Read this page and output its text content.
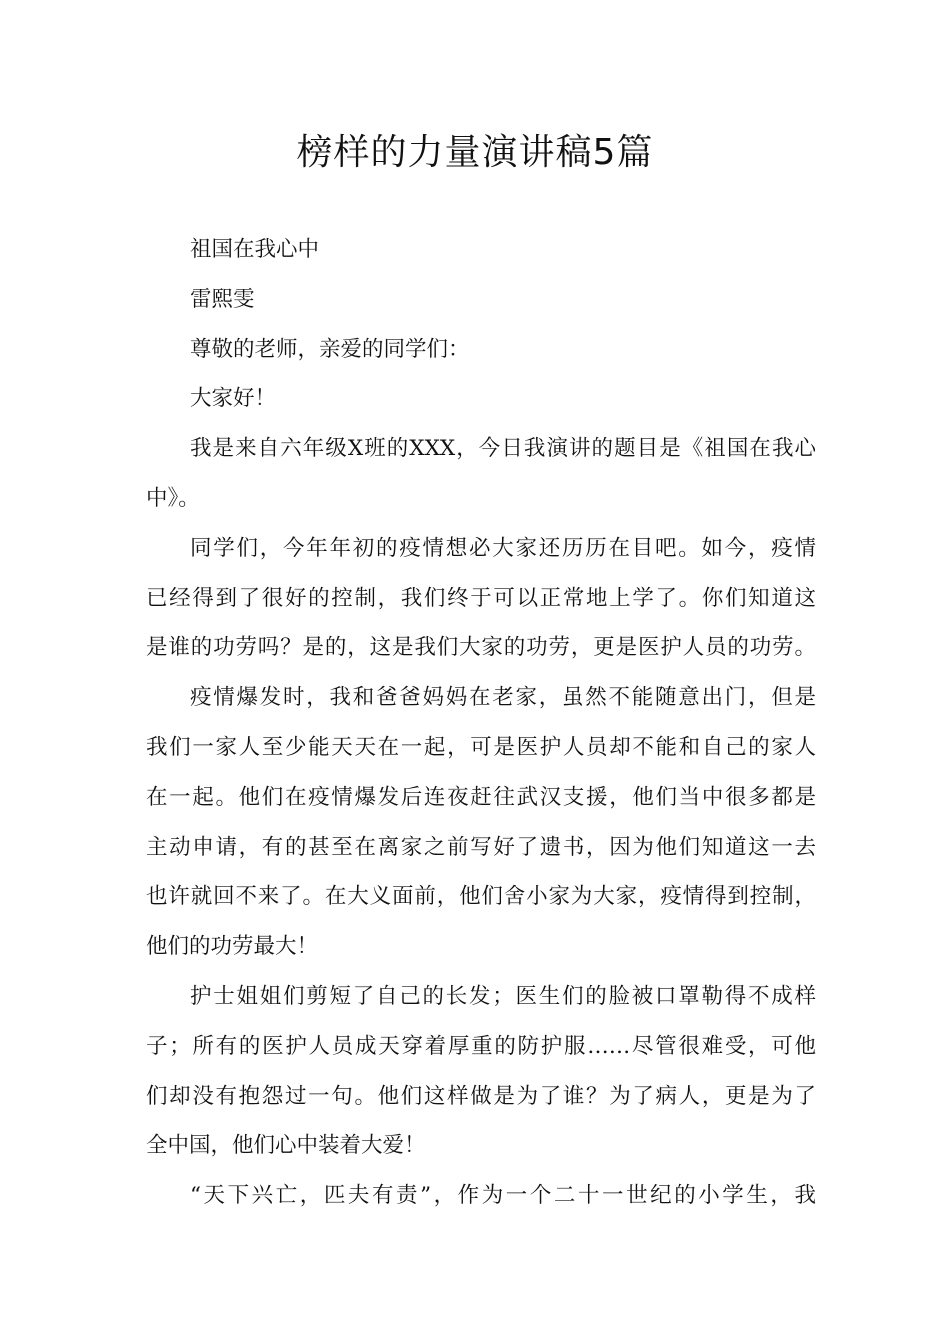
榜样的力量演讲稿5篇
祖国在我心中
雷熙雯
尊敬的老师，亲爱的同学们：
大家好！
我是来自六年级X班的XXX，今日我演讲的题目是《祖国在我心
中》。
同学们，今年年初的疫情想必大家还历历在目吧。如今，疫情
已经得到了很好的控制，我们终于可以正常地上学了。你们知道这
是谁的功劳吗？是的，这是我们大家的功劳，更是医护人员的功劳。
疫情爆发时，我和爸爸妈妈在老家，虽然不能随意出门，但是
我们一家人至少能天天在一起，可是医护人员却不能和自己的家人
在一起。他们在疫情爆发后连夜赶往武汉支援，他们当中很多都是
主动申请，有的甚至在离家之前写好了遗书，因为他们知道这一去
也许就回不来了。在大义面前，他们舍小家为大家，疫情得到控制，
他们的功劳最大！
护士姐姐们剪短了自己的长发；医生们的脸被口罩勒得不成样
子；所有的医护人员成天穿着厚重的防护服……尽管很难受，可他
们却没有抱怨过一句。他们这样做是为了谁？为了病人，更是为了
全中国，他们心中装着大爱！
“天下兴亡，匹夫有责”，作为一个二十一世纪的小学生，我
